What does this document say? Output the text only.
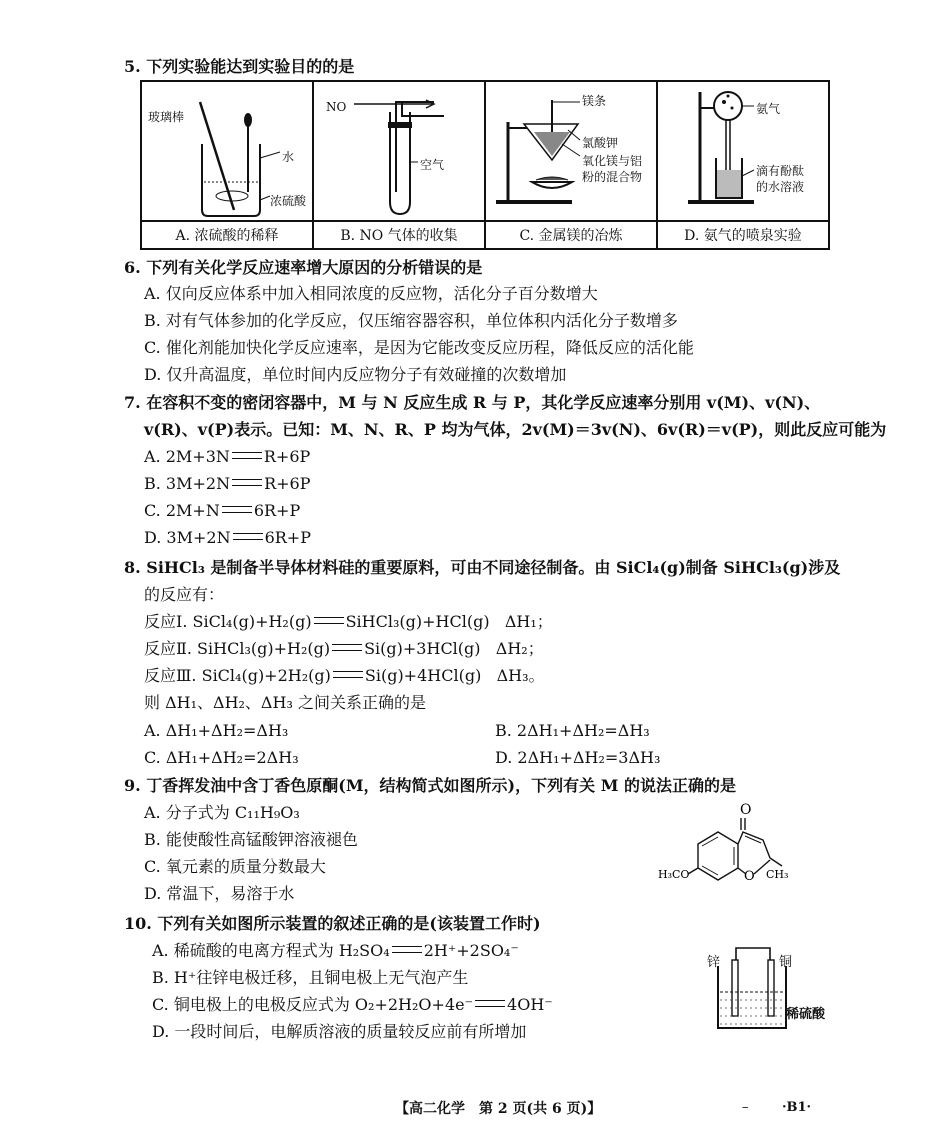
5. 下列实验能达到实验目的的是
玻璃棒
水
浓硫酸	NO
空气	镁条
氯酸钾
氧化镁与铝
粉的混合物	氨气
滴有酚酞
的水溶液

A. 浓硫酸的稀释	B. NO 气体的收集	C. 金属镁的冶炼	D. 氨气的喷泉实验
6. 下列有关化学反应速率增大原因的分析错误的是
A. 仅向反应体系中加入相同浓度的反应物，活化分子百分数增大
B. 对有气体参加的化学反应，仅压缩容器容积，单位体积内活化分子数增多
C. 催化剂能加快化学反应速率，是因为它能改变反应历程，降低反应的活化能
D. 仅升高温度，单位时间内反应物分子有效碰撞的次数增加
7. 在容积不变的密闭容器中，M 与 N 反应生成 R 与 P，其化学反应速率分别用 v(M)、v(N)、
v(R)、v(P)表示。已知：M、N、R、P 均为气体，2v(M)＝3v(N)、6v(R)＝v(P)，则此反应可能为
A. 2M+3N R+6P
B. 3M+2N R+6P
C. 2M+N 6R+P
D. 3M+2N 6R+P
8. SiHCl₃ 是制备半导体材料硅的重要原料，可由不同途径制备。由 SiCl₄(g)制备 SiHCl₃(g)涉及
的反应有：
反应Ⅰ. SiCl₄(g)+H₂(g) SiHCl₃(g)+HCl(g) ΔH₁；
反应Ⅱ. SiHCl₃(g)+H₂(g) Si(g)+3HCl(g) ΔH₂；
反应Ⅲ. SiCl₄(g)+2H₂(g) Si(g)+4HCl(g) ΔH₃。
则 ΔH₁、ΔH₂、ΔH₃ 之间关系正确的是
A. ΔH₁+ΔH₂=ΔH₃	B. 2ΔH₁+ΔH₂=ΔH₃
C. ΔH₁+ΔH₂=2ΔH₃	D. 2ΔH₁+ΔH₂=3ΔH₃
9. 丁香挥发油中含丁香色原酮(M，结构简式如图所示)，下列有关 M 的说法正确的是
A. 分子式为 C₁₁H₉O₃
B. 能使酸性高锰酸钾溶液褪色
C. 氧元素的质量分数最大
D. 常温下，易溶于水
O
O CH₃
H₃CO
10. 下列有关如图所示装置的叙述正确的是(该装置工作时)
A. 稀硫酸的电离方程式为 H₂SO₄ 2H⁺+2SO₄⁻
B. H⁺往锌电极迁移，且铜电极上无气泡产生
C. 铜电极上的电极反应式为 O₂+2H₂O+4e⁻ 4OH⁻
D. 一段时间后，电解质溶液的质量较反应前有所增加
锌	铜
稀硫酸
【高二化学　第 2 页(共 6 页)】	–	·B1·
